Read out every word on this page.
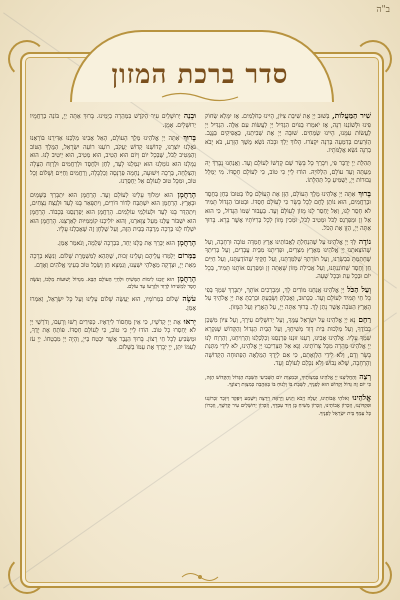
ב"ה
סדר ברכת המזון

שִׁיר הַמַּעֲלוֹת, בְּשׁוּב יְיָ אֶת שִׁיבַת צִיּוֹן, הָיִינוּ כְּחֹלְמִים. אָז יִמָּלֵא שְׂחוֹק פִּינוּ וּלְשׁוֹנֵנוּ רִנָּה, אָז יֹאמְרוּ בַגּוֹיִם הִגְדִּיל יְיָ לַעֲשׂוֹת עִם אֵלֶּה. הִגְדִּיל יְיָ לַעֲשׂוֹת עִמָּנוּ, הָיִינוּ שְׂמֵחִים. שׁוּבָה יְיָ אֶת שְׁבִיתֵנוּ, כַּאֲפִיקִים בַּנֶּגֶב. הַזֹּרְעִים בְּדִמְעָה בְּרִנָּה יִקְצֹרוּ. הָלוֹךְ יֵלֵךְ וּבָכֹה נֹשֵׂא מֶשֶׁךְ הַזָּרַע, בֹּא יָבֹא בְרִנָּה נֹשֵׂא אֲלֻמֹּתָיו.

תְּהִלַּת יְיָ יְדַבֶּר פִּי, וִיבָרֵךְ כָּל בָּשָׂר שֵׁם קָדְשׁוֹ לְעוֹלָם וָעֶד. וַאֲנַחְנוּ נְבָרֵךְ יָהּ מֵעַתָּה וְעַד עוֹלָם, הַלְלוּיָהּ. הוֹדוּ לַייָ כִּי טוֹב, כִּי לְעוֹלָם חַסְדּוֹ. מִי יְמַלֵּל גְּבוּרוֹת יְיָ, יַשְׁמִיעַ כָּל תְּהִלָּתוֹ.

בָּרוּךְ אַתָּה יְיָ אֱלֹהֵינוּ מֶלֶךְ הָעוֹלָם, הַזָּן אֶת הָעוֹלָם כֻּלּוֹ בְּטוּבוֹ בְּחֵן בְּחֶסֶד וּבְרַחֲמִים, הוּא נוֹתֵן לֶחֶם לְכָל בָּשָׂר כִּי לְעוֹלָם חַסְדּוֹ. וּבְטוּבוֹ הַגָּדוֹל תָּמִיד לֹא חָסַר לָנוּ, וְאַל יֶחְסַר לָנוּ מָזוֹן לְעוֹלָם וָעֶד. בַּעֲבוּר שְׁמוֹ הַגָּדוֹל, כִּי הוּא אֵל זָן וּמְפַרְנֵס לַכֹּל וּמֵטִיב לַכֹּל, וּמֵכִין מָזוֹן לְכָל בְּרִיּוֹתָיו אֲשֶׁר בָּרָא. בָּרוּךְ אַתָּה יְיָ, הַזָּן אֶת הַכֹּל.

נוֹדֶה לְּךָ יְיָ אֱלֹהֵינוּ עַל שֶׁהִנְחַלְתָּ לַאֲבוֹתֵינוּ אֶרֶץ חֶמְדָּה טוֹבָה וּרְחָבָה, וְעַל שֶׁהוֹצֵאתָנוּ יְיָ אֱלֹהֵינוּ מֵאֶרֶץ מִצְרַיִם, וּפְדִיתָנוּ מִבֵּית עֲבָדִים, וְעַל בְּרִיתְךָ שֶׁחָתַמְתָּ בִּבְשָׂרֵנוּ, וְעַל תּוֹרָתְךָ שֶׁלִּמַּדְתָּנוּ, וְעַל חֻקֶּיךָ שֶׁהוֹדַעְתָּנוּ, וְעַל חַיִּים חֵן וָחֶסֶד שֶׁחוֹנַנְתָּנוּ, וְעַל אֲכִילַת מָזוֹן שָׁאַתָּה זָן וּמְפַרְנֵס אוֹתָנוּ תָּמִיד, בְּכָל יוֹם וּבְכָל עֵת וּבְכָל שָׁעָה.

וְעַל הַכֹּל יְיָ אֱלֹהֵינוּ אֲנַחְנוּ מוֹדִים לָךְ, וּמְבָרְכִים אוֹתָךְ, יִתְבָּרַךְ שִׁמְךָ בְּפִי כָּל חַי תָּמִיד לְעוֹלָם וָעֶד. כַּכָּתוּב, וְאָכַלְתָּ וְשָׂבָעְתָּ וּבֵרַכְתָּ אֶת יְיָ אֱלֹהֶיךָ עַל הָאָרֶץ הַטֹּבָה אֲשֶׁר נָתַן לָךְ. בָּרוּךְ אַתָּה יְיָ, עַל הָאָרֶץ וְעַל הַמָּזוֹן.

רַחֵם נָא יְיָ אֱלֹהֵינוּ עַל יִשְׂרָאֵל עַמֶּךָ, וְעַל יְרוּשָׁלַיִם עִירֶךָ, וְעַל צִיּוֹן מִשְׁכַּן כְּבוֹדֶךָ, וְעַל מַלְכוּת בֵּית דָּוִד מְשִׁיחֶךָ, וְעַל הַבַּיִת הַגָּדוֹל וְהַקָּדוֹשׁ שֶׁנִּקְרָא שִׁמְךָ עָלָיו. אֱלֹהֵינוּ אָבִינוּ, רְעֵנוּ זוּנֵנוּ פַּרְנְסֵנוּ וְכַלְכְּלֵנוּ וְהַרְוִיחֵנוּ, וְהַרְוַח לָנוּ יְיָ אֱלֹהֵינוּ מְהֵרָה מִכָּל צָרוֹתֵינוּ. וְנָא אַל תַּצְרִיכֵנוּ יְיָ אֱלֹהֵינוּ, לֹא לִידֵי מַתְּנַת בָּשָׂר וָדָם, וְלֹא לִידֵי הַלְוָאָתָם, כִּי אִם לְיָדְךָ הַמְּלֵאָה הַפְּתוּחָה הַקְּדוֹשָׁה וְהָרְחָבָה, שֶׁלֹּא נֵבוֹשׁ וְלֹא נִכָּלֵם לְעוֹלָם וָעֶד.

רְצֵה וְהַחֲלִיצֵנוּ יְיָ אֱלֹהֵינוּ בְּמִצְוֹתֶיךָ, וּבְמִצְוַת יוֹם הַשְּׁבִיעִי הַשַּׁבָּת הַגָּדוֹל וְהַקָּדוֹשׁ הַזֶּה, כִּי יוֹם זֶה גָּדוֹל וְקָדוֹשׁ הוּא לְפָנֶיךָ, לִשְׁבָּת בּוֹ וְלָנוּחַ בּוֹ בְּאַהֲבָה כְּמִצְוַת רְצוֹנֶךָ.

אֱלֹהֵינוּ וֵאלֹהֵי אֲבוֹתֵינוּ, יַעֲלֶה וְיָבֹא וְיַגִּיעַ וְיֵרָאֶה וְיֵרָצֶה וְיִשָּׁמַע וְיִפָּקֵד וְיִזָּכֵר זִכְרוֹנֵנוּ וּפִקְדּוֹנֵנוּ, וְזִכְרוֹן אֲבוֹתֵינוּ, וְזִכְרוֹן מָשִׁיחַ בֶּן דָּוִד עַבְדֶּךָ, וְזִכְרוֹן יְרוּשָׁלַיִם עִיר קָדְשֶׁךָ, וְזִכְרוֹן כָּל עַמְּךָ בֵּית יִשְׂרָאֵל לְפָנֶיךָ.

וּבְנֵה יְרוּשָׁלַיִם עִיר הַקֹּדֶשׁ בִּמְהֵרָה בְיָמֵינוּ. בָּרוּךְ אַתָּה יְיָ, בּוֹנֵה בְרַחֲמָיו יְרוּשָׁלָיִם. אָמֵן.

בָּרוּךְ אַתָּה יְיָ אֱלֹהֵינוּ מֶלֶךְ הָעוֹלָם, הָאֵל אָבִינוּ מַלְכֵּנוּ אַדִּירֵנוּ בּוֹרְאֵנוּ גֹּאֲלֵנוּ יוֹצְרֵנוּ, קְדוֹשֵׁנוּ קְדוֹשׁ יַעֲקֹב, רוֹעֵנוּ רוֹעֵה יִשְׂרָאֵל, הַמֶּלֶךְ הַטּוֹב וְהַמֵּטִיב לַכֹּל, שֶׁבְּכָל יוֹם וָיוֹם הוּא הֵטִיב, הוּא מֵטִיב, הוּא יֵיטִיב לָנוּ. הוּא גְמָלָנוּ הוּא גוֹמְלֵנוּ הוּא יִגְמְלֵנוּ לָעַד, לְחֵן וּלְחֶסֶד וּלְרַחֲמִים וּלְרֶוַח הַצָּלָה וְהַצְלָחָה, בְּרָכָה וִישׁוּעָה, נֶחָמָה פַּרְנָסָה וְכַלְכָּלָה, וְרַחֲמִים וְחַיִּים וְשָׁלוֹם וְכָל טוֹב, וּמִכָּל טוּב לְעוֹלָם אַל יְחַסְּרֵנוּ.

הָרַחֲמָן הוּא יִמְלוֹךְ עָלֵינוּ לְעוֹלָם וָעֶד. הָרַחֲמָן הוּא יִתְבָּרַךְ בַּשָּׁמַיִם וּבָאָרֶץ. הָרַחֲמָן הוּא יִשְׁתַּבַּח לְדוֹר דּוֹרִים, וְיִתְפָּאַר בָּנוּ לָעַד וּלְנֵצַח נְצָחִים, וְיִתְהַדַּר בָּנוּ לָעַד וּלְעוֹלְמֵי עוֹלָמִים. הָרַחֲמָן הוּא יְפַרְנְסֵנוּ בְּכָבוֹד. הָרַחֲמָן הוּא יִשְׁבּוֹר עֻלֵּנוּ מֵעַל צַוָּארֵנוּ, וְהוּא יוֹלִיכֵנוּ קוֹמְמִיּוּת לְאַרְצֵנוּ. הָרַחֲמָן הוּא יִשְׁלַח לָנוּ בְּרָכָה מְרֻבָּה בַּבַּיִת הַזֶּה, וְעַל שֻׁלְחָן זֶה שֶׁאָכַלְנוּ עָלָיו.

הָרַחֲמָן הוּא יְבָרֵךְ אֶת כֻּלָּנוּ יַחַד, בִּבְרָכָה שְׁלֵמָה, וְנֹאמַר אָמֵן.

בַּמָּרוֹם יְלַמְּדוּ עֲלֵיהֶם וְעָלֵינוּ זְכוּת, שֶׁתְּהֵא לְמִשְׁמֶרֶת שָׁלוֹם. וְנִשָּׂא בְרָכָה מֵאֵת יְיָ, וּצְדָקָה מֵאֱלֹהֵי יִשְׁעֵנוּ, וְנִמְצָא חֵן וְשֵׂכֶל טוֹב בְּעֵינֵי אֱלֹהִים וְאָדָם.

הָרַחֲמָן הוּא יְזַכֵּנוּ לִימוֹת הַמָּשִׁיחַ וּלְחַיֵּי הָעוֹלָם הַבָּא. מִגְדּוֹל יְשׁוּעוֹת מַלְכּוֹ, וְעֹשֶׂה חֶסֶד לִמְשִׁיחוֹ לְדָוִד וּלְזַרְעוֹ עַד עוֹלָם.

עֹשֶׂה שָׁלוֹם בִּמְרוֹמָיו, הוּא יַעֲשֶׂה שָׁלוֹם עָלֵינוּ וְעַל כָּל יִשְׂרָאֵל, וְאִמְרוּ אָמֵן.

יְראוּ אֶת יְיָ קְדֹשָׁיו, כִּי אֵין מַחְסוֹר לִירֵאָיו. כְּפִירִים רָשׁוּ וְרָעֵבוּ, וְדֹרְשֵׁי יְיָ לֹא יַחְסְרוּ כָל טוֹב. הוֹדוּ לַייָ כִּי טוֹב, כִּי לְעוֹלָם חַסְדּוֹ. פּוֹתֵחַ אֶת יָדֶךָ, וּמַשְׂבִּיעַ לְכָל חַי רָצוֹן. בָּרוּךְ הַגֶּבֶר אֲשֶׁר יִבְטַח בַּייָ, וְהָיָה יְיָ מִבְטַחוֹ. יְיָ עֹז לְעַמּוֹ יִתֵּן, יְיָ יְבָרֵךְ אֶת עַמּוֹ בַשָּׁלוֹם.
